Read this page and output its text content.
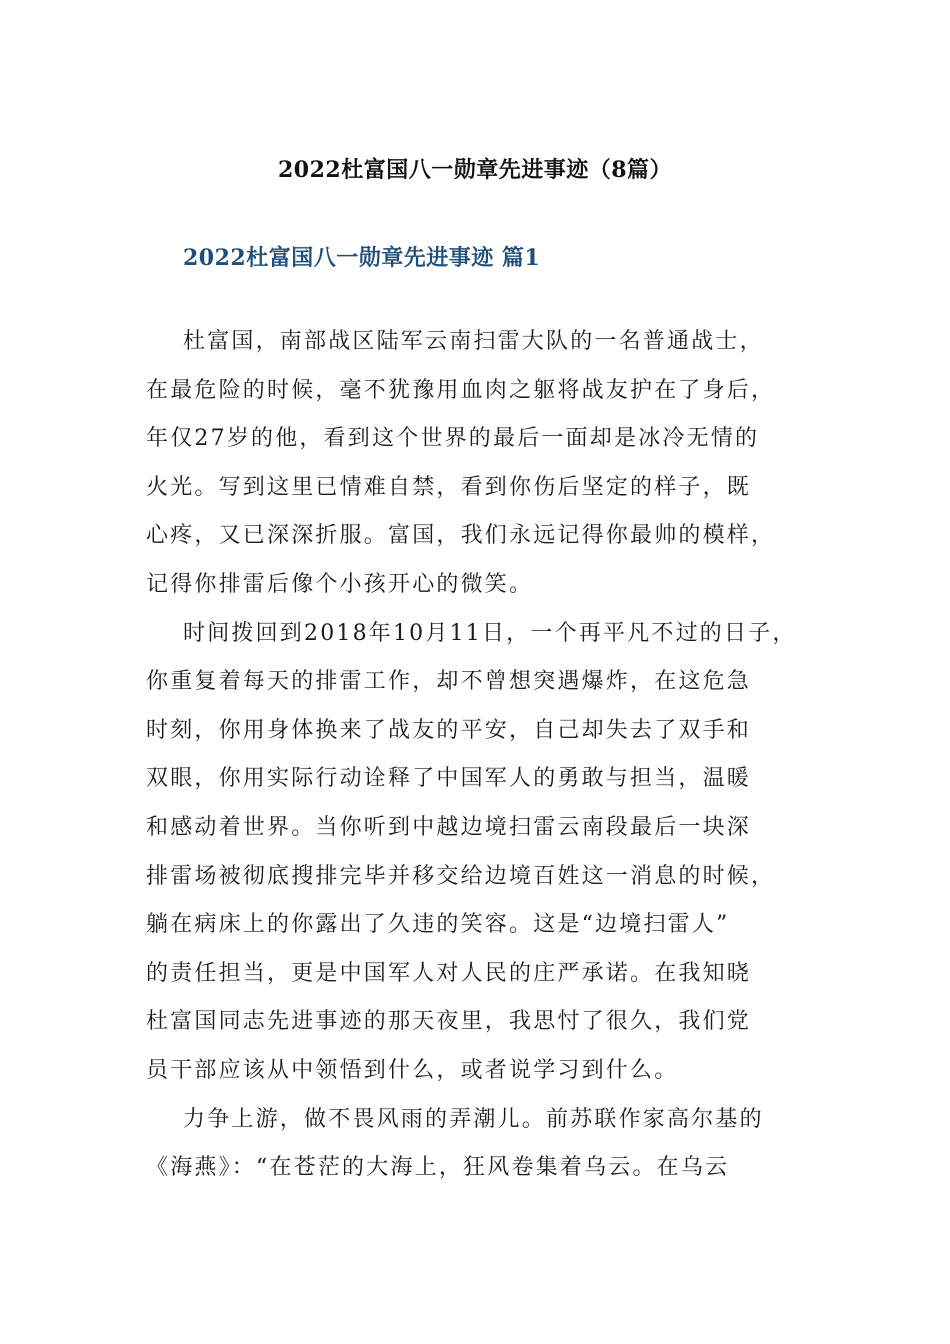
2022杜富国八一勋章先进事迹（8篇）
2022杜富国八一勋章先进事迹 篇1
杜富国，南部战区陆军云南扫雷大队的一名普通战士，
在最危险的时候，毫不犹豫用血肉之躯将战友护在了身后，
年仅27岁的他，看到这个世界的最后一面却是冰冷无情的
火光。写到这里已情难自禁，看到你伤后坚定的样子，既
心疼，又已深深折服。富国，我们永远记得你最帅的模样，
记得你排雷后像个小孩开心的微笑。
时间拨回到2018年10月11日，一个再平凡不过的日子，
你重复着每天的排雷工作，却不曾想突遇爆炸，在这危急
时刻，你用身体换来了战友的平安，自己却失去了双手和
双眼，你用实际行动诠释了中国军人的勇敢与担当，温暖
和感动着世界。当你听到中越边境扫雷云南段最后一块深
排雷场被彻底搜排完毕并移交给边境百姓这一消息的时候，
躺在病床上的你露出了久违的笑容。这是“边境扫雷人”
的责任担当，更是中国军人对人民的庄严承诺。在我知晓
杜富国同志先进事迹的那天夜里，我思忖了很久，我们党
员干部应该从中领悟到什么，或者说学习到什么。
力争上游，做不畏风雨的弄潮儿。前苏联作家高尔基的
《海燕》：“在苍茫的大海上，狂风卷集着乌云。在乌云
